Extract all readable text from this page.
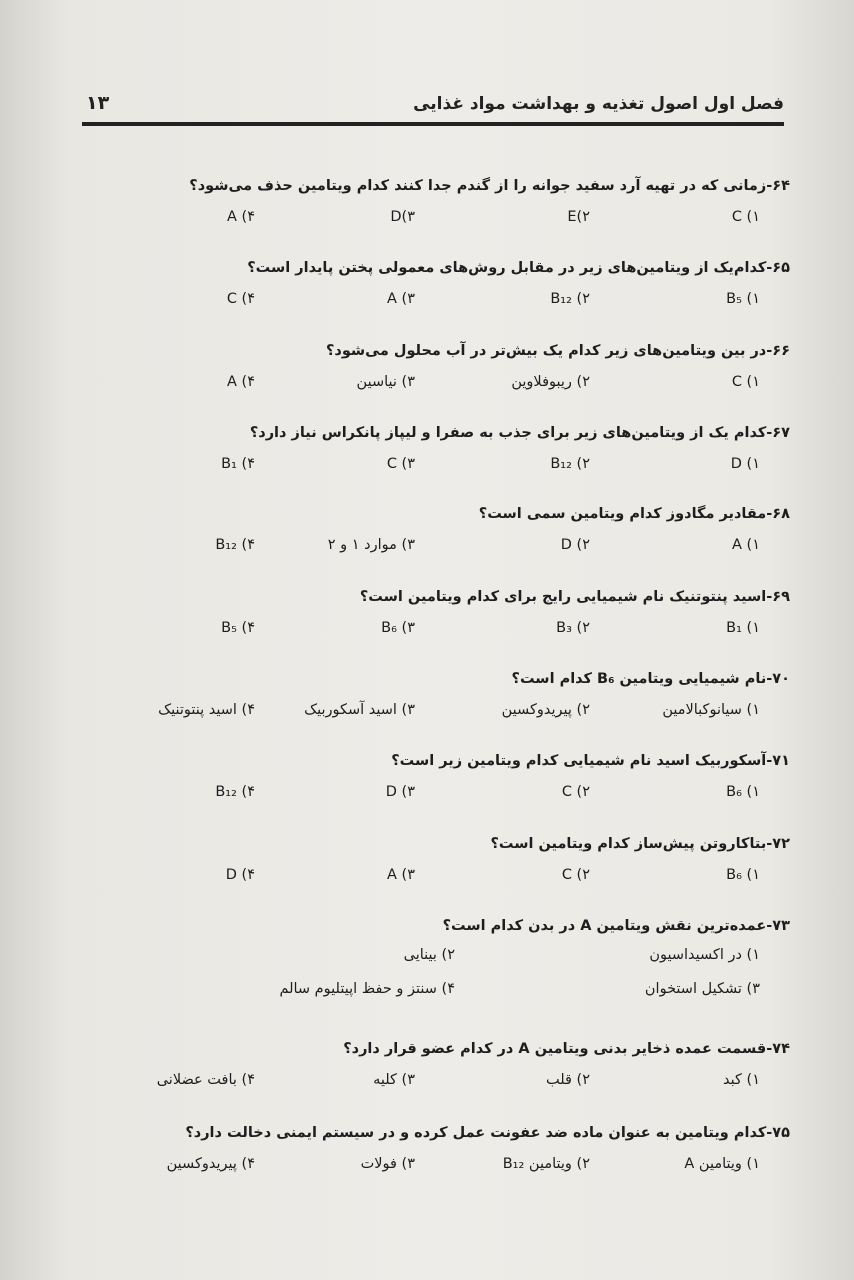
فصل اول اصول تغذیه و بهداشت مواد غذایی
۱۳
۶۴-زمانی که در تهیه آرد سفید جوانه را از گندم جدا کنند کدام ویتامین حذف می‌شود؟
C (۱
E(۲
D(۳
A (۴
۶۵-کدام‌یک از ویتامین‌های زیر در مقابل روش‌های معمولی پختن پایدار است؟
B₅ (۱
B₁₂ (۲
A (۳
C (۴
۶۶-در بین ویتامین‌های زیر کدام یک بیش‌تر در آب محلول می‌شود؟
C (۱
۲) ریبوفلاوین
۳) نیاسین
A (۴
۶۷-کدام یک از ویتامین‌های زیر برای جذب به صفرا و لیپاز پانکراس نیاز دارد؟
D (۱
B₁₂ (۲
C (۳
B₁ (۴
۶۸-مقادیر مگادوز کدام ویتامین سمی است؟
A (۱
D (۲
۳) موارد ۱ و ۲
B₁₂ (۴
۶۹-اسید پنتوتنیک نام شیمیایی رایج برای کدام ویتامین است؟
B₁ (۱
B₃ (۲
B₆ (۳
B₅ (۴
۷۰-نام شیمیایی ویتامین B₆ کدام است؟
۱) سیانوکبالامین
۲) پیریدوکسین
۳) اسید آسکوربیک
۴) اسید پنتوتنیک
۷۱-آسکوربیک اسید نام شیمیایی کدام ویتامین زیر است؟
B₆ (۱
C (۲
D (۳
B₁₂ (۴
۷۲-بتاکاروتن پیش‌ساز کدام ویتامین است؟
B₆ (۱
C (۲
A (۳
D (۴
۷۳-عمده‌ترین نقش ویتامین A در بدن کدام است؟
۱) در اکسیداسیون
۲) بینایی
۳) تشکیل استخوان
۴) سنتز و حفظ اپیتلیوم سالم
۷۴-قسمت عمده ذخایر بدنی ویتامین A در کدام عضو قرار دارد؟
۱) کبد
۲) قلب
۳) کلیه
۴) بافت عضلانی
۷۵-کدام ویتامین به عنوان ماده ضد عفونت عمل کرده و در سیستم ایمنی دخالت دارد؟
۱) ویتامین A
۲) ویتامین B₁₂
۳) فولات
۴) پیریدوکسین
